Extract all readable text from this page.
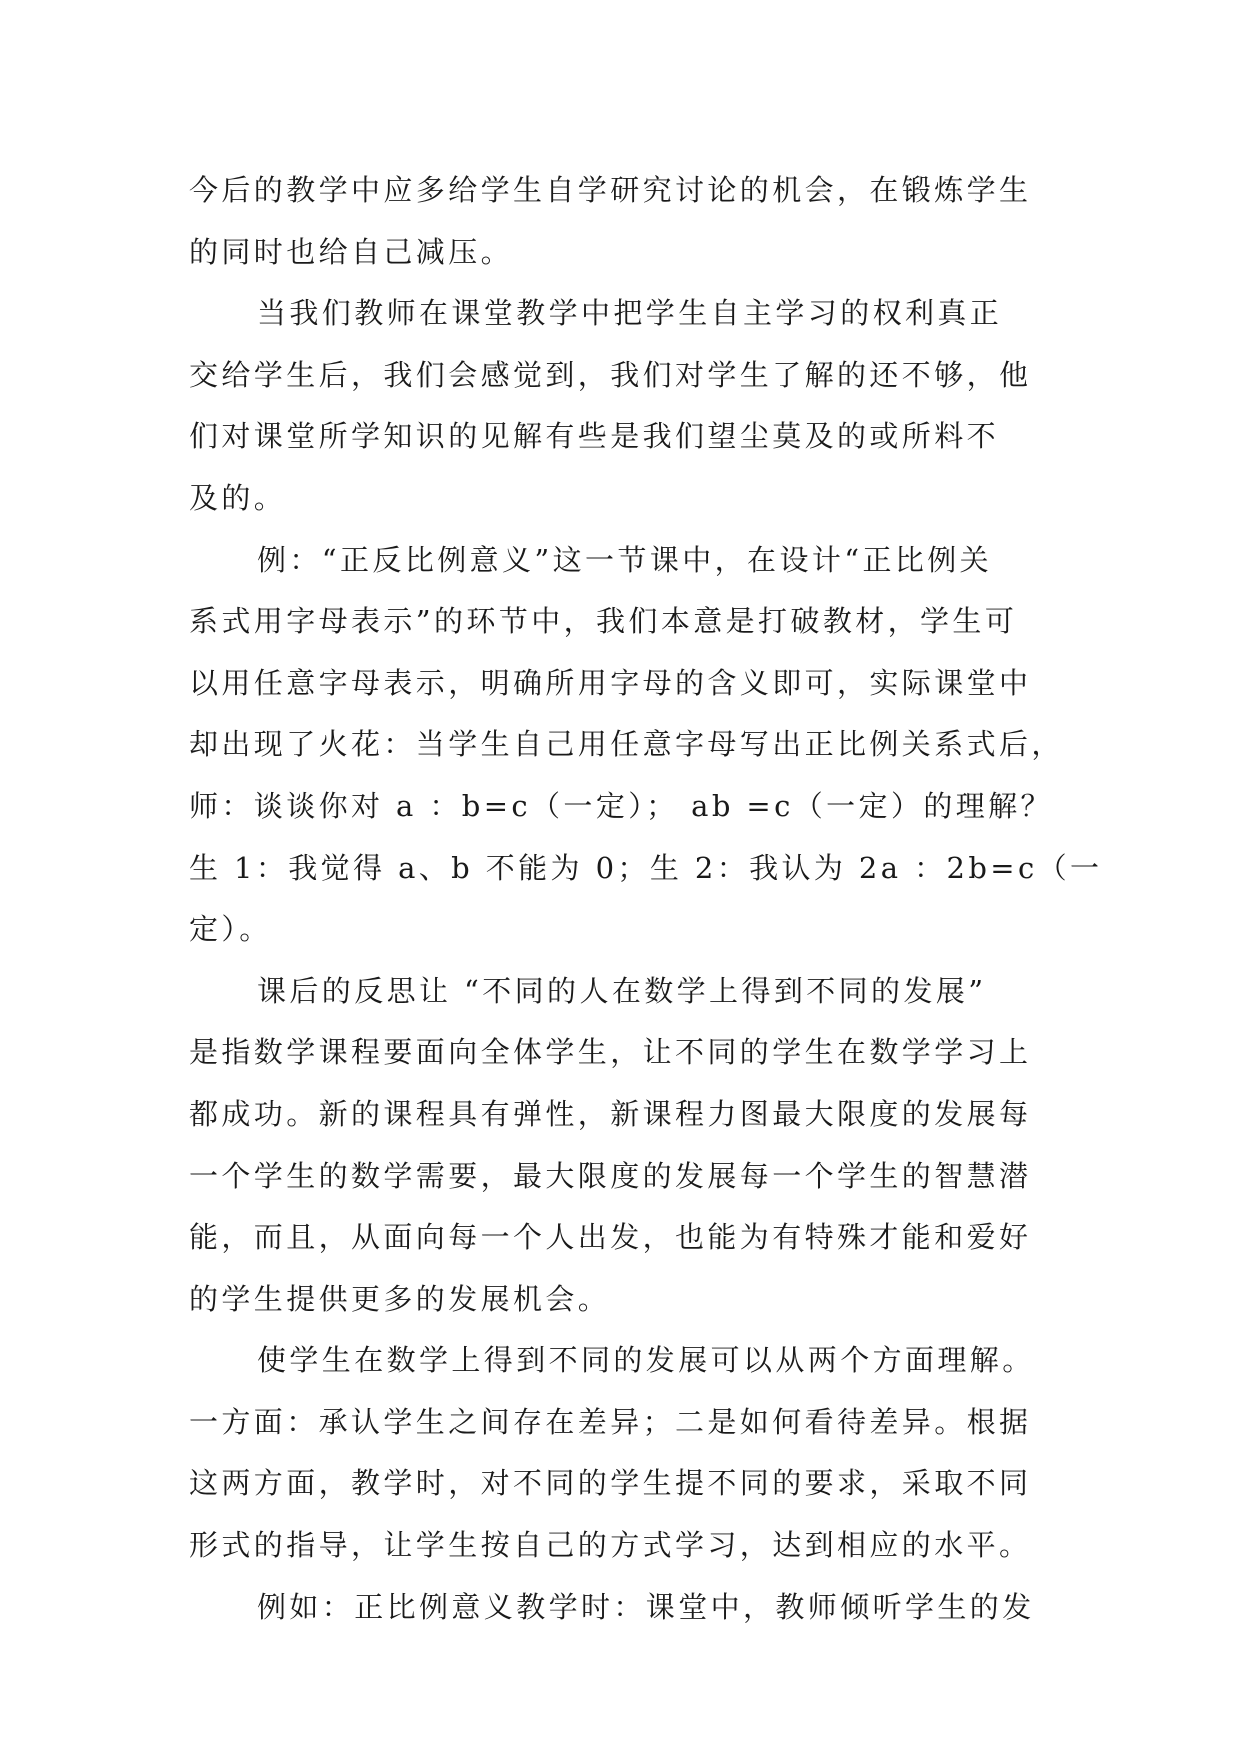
今后的教学中应多给学生自学研究讨论的机会，在锻炼学生
的同时也给自己减压。

当我们教师在课堂教学中把学生自主学习的权利真正
交给学生后，我们会感觉到，我们对学生了解的还不够，他
们对课堂所学知识的见解有些是我们望尘莫及的或所料不
及的。

例：“正反比例意义”这一节课中，在设计“正比例关
系式用字母表示”的环节中，我们本意是打破教材，学生可
以用任意字母表示，明确所用字母的含义即可，实际课堂中
却出现了火花：当学生自己用任意字母写出正比例关系式后，
师：谈谈你对 a ：b=c（一定）； ab =c（一定）的理解？
生 1：我觉得 a、b 不能为 0；生 2：我认为 2a ：2b=c（一
定）。

课后的反思让 “不同的人在数学上得到不同的发展”
是指数学课程要面向全体学生，让不同的学生在数学学习上
都成功。新的课程具有弹性，新课程力图最大限度的发展每
一个学生的数学需要，最大限度的发展每一个学生的智慧潜
能，而且，从面向每一个人出发，也能为有特殊才能和爱好
的学生提供更多的发展机会。

使学生在数学上得到不同的发展可以从两个方面理解。
一方面：承认学生之间存在差异；二是如何看待差异。根据
这两方面，教学时，对不同的学生提不同的要求，采取不同
形式的指导，让学生按自己的方式学习，达到相应的水平。

例如：正比例意义教学时：课堂中，教师倾听学生的发
